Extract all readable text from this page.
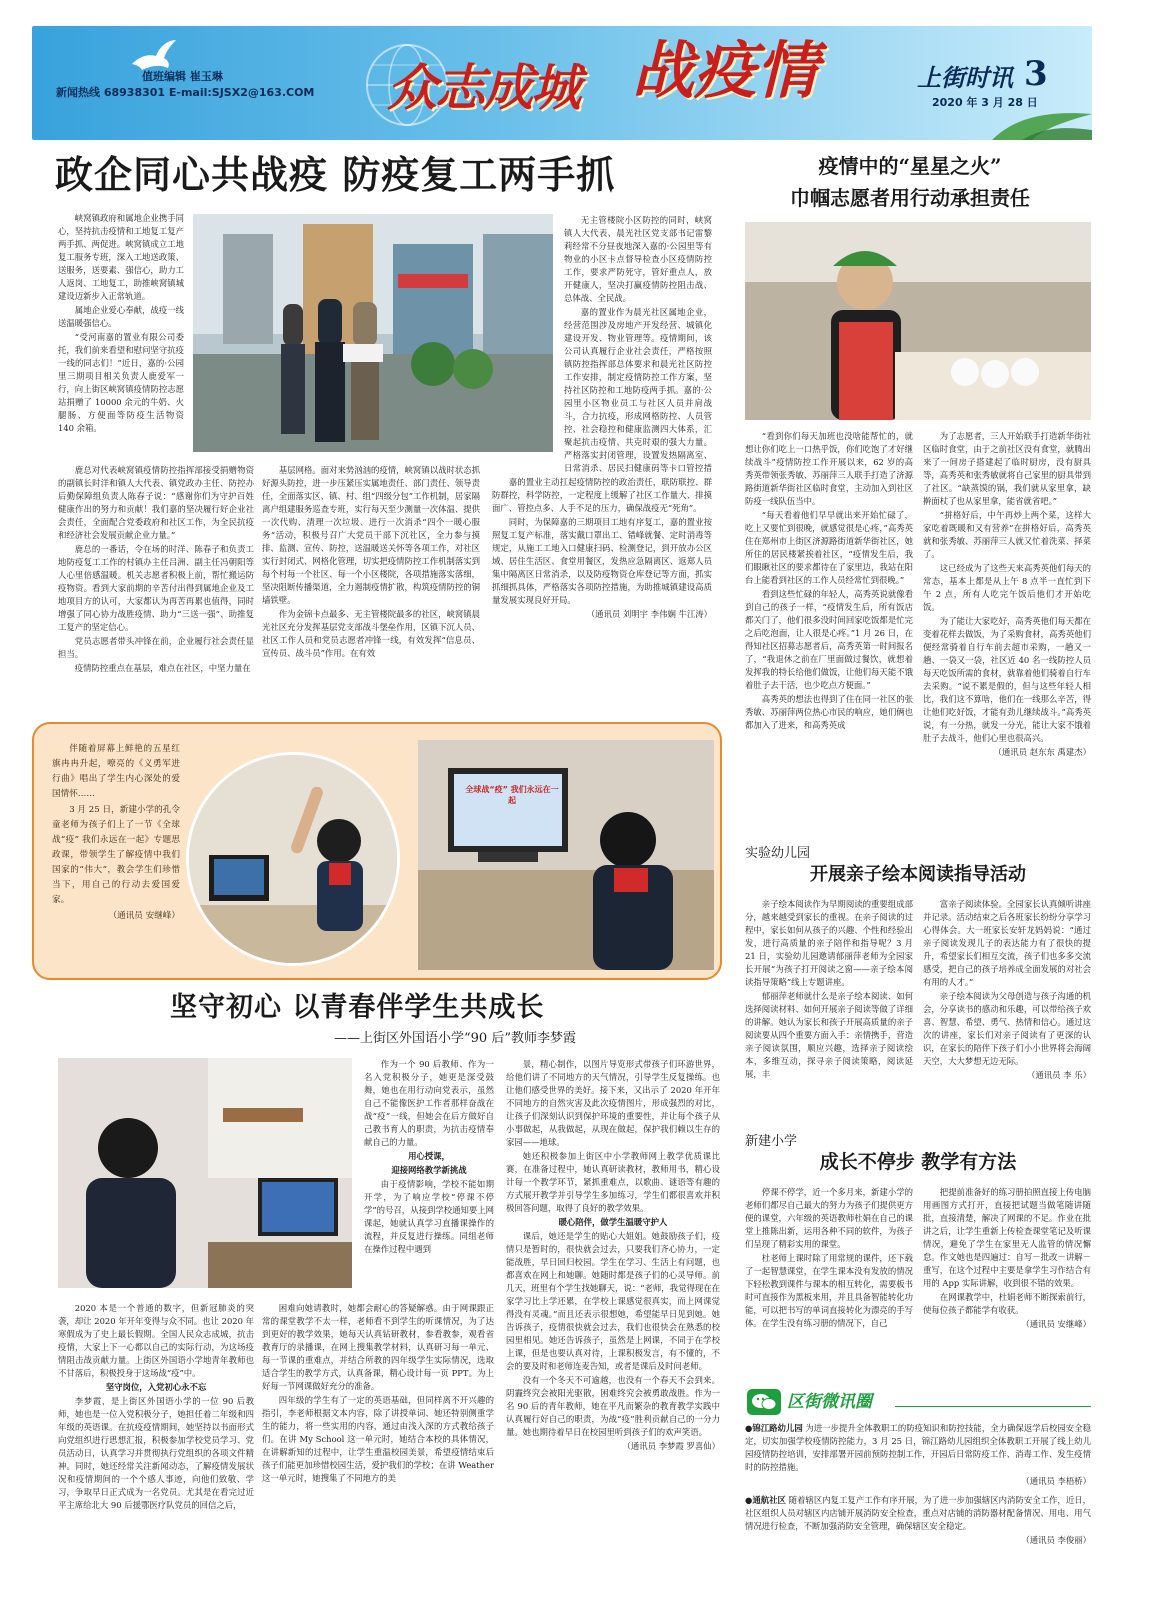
值班编辑 崔玉琳
新闻热线 68938301 E-mail:SJSX2@163.COM 众志成城 战疫情	上街时讯 3
2020 年 3 月 28 日
政企同心共战疫 防疫复工两手抓

峡窝镇政府和属地企业携手同心，坚持抗击疫情和工地复工复产两手抓、两促进。峡窝镇成立工地复工服务专班，深入工地送政策、送服务，送要素、强信心，助力工人返岗、工地复工，助推峡窝镇城建设迈新步入正常轨道。

属地企业爱心奉献，战疫一线送温暖强信心。

“受河南嘉的置业有限公司委托，我们前来看望和慰问坚守抗疫一线的同志们！”近日，嘉的·公园里三期项目相关负责人鹿爱军一行，向上街区峡窝镇疫情防控志愿站捐赠了 10000 余元的牛奶、火腿肠、方便面等防疫生活物资 140 余箱。

无主管楼院小区防控的同时，峡窝镇人大代表、晨光社区党支部书记雷黎莉经常不分昼夜地深入嘉的·公园里等有物业的小区卡点督导检查小区疫情防控工作，要求严防死守，管好重点人，放开健康人，坚决打赢疫情防控阻击战、总体战、全民战。

嘉的置业作为晨光社区属地企业，经营范围涉及房地产开发经营、城镇化建设开发、物业管理等。疫情期间，该公司认真履行企业社会责任，严格按照镇防控指挥部总体要求和晨光社区防控工作安排，制定疫情防控工作方案，坚持社区防控和工地防疫两手抓。嘉的·公园里小区物业员工与社区人员并肩战斗，合力抗疫，形成网格防控、人员管控、社会稳控和健康监测四大体系，汇聚起抗击疫情、共克时艰的强大力量。严格落实封闭管理，设置发热隔离室、日常消杀、居民扫健康码等卡口管控措

鹿总对代表峡窝镇疫情防控指挥部接受捐赠物资的副镇长时洋和镇人大代表、镇党政办主任、防控办后勤保障组负责人陈春子说：“感谢你们为守护百姓健康作出的努力和贡献！我们嘉的坚决履行好企业社会责任，全面配合党委政府和社区工作，为全民抗疫和经济社会发展贡献企业力量。”

鹿总的一番话，令在场的时洋、陈春子和负责工地防疫复工工作的村镇办主任吕洲、副主任冯朝阳等人心里倍感温暖。机关志愿者积极上前，帮忙搬运防疫物资。看到大家前期的辛苦付出得到属地企业及工地项目方的认可，大家都认为再苦再累也值得，同时增强了同心协力战胜疫情、助力“三送一强”、助推复工复产的坚定信心。

党员志愿者带头冲锋在前，企业履行社会责任显担当。

疫情防控重点在基层，难点在社区，中坚力量在

基层网格。面对来势汹汹的疫情，峡窝镇以战时状态抓好源头防控，进一步压紧压实属地责任、部门责任、领导责任，全面落实区、镇、村、组“四级分包”工作机制，居家隔离户组建服务巡查专班，实行每天至少测量一次体温、提供一次代购、清理一次垃圾、进行一次消杀“四个一暖心服务”活动，积极号召广大党员干部下沉社区，全力参与摸排、监测、宣传、防控，送温暖送关怀等各项工作，对社区实行封闭式、网格化管理，切实把疫情防控工作机制落实到每个村每一个社区、每一个小区楼院，各项措施落实落细，坚决阻断传播渠道，全力遏制疫情扩散，构筑疫情防控的铜墙铁壁。

作为金锦卡点最多、无主管楼院最多的社区，峡窝镇晨光社区充分发挥基层党支部战斗堡垒作用，区镇下沉人员、社区工作人员和党员志愿者冲锋一线，有效发挥“信息员、宣传员、战斗员”作用。在有效

嘉的置业主动扛起疫情防控的政治责任，联防联控、群防群控，科学防控，一定程度上缓解了社区工作量大、排摸面广、管控点多、人手不足的压力，确保战疫无“死角”。

同时，为保障嘉的三期项目工地有序复工，嘉的置业按照复工复产标准，落实戴口罩出工、错峰就餐、定时消毒等规定，从施工工地入口健康扫码、检测登记，到开放办公区域、居住生活区、食堂用餐区，发热应急隔离区、返郑人员集中隔离区日常消杀，以及防疫物资仓库登记等方面，抓实抓细抓具体，严格落实各项防控措施，为助推城镇建设高质量发展实现良好开局。

（通讯员 刘明宇 李伟娴 牛江涛）

伴随着屏幕上鲜艳的五星红旗冉冉升起，嘹亮的《义勇军进行曲》唱出了学生内心深处的爱国情怀……

3 月 25 日，新建小学的孔令童老师为孩子们上了一节《全球战“疫” 我们永远在一起》专题思政课，带领学生了解疫情中我们国家的“伟大”，教会学生们珍惜当下，用自己的行动去爱国爱家。

（通讯员 安继峰）

全球战“疫” 我们永远在一起
坚守初心 以青春伴学生共成长
——上街区外国语小学“90 后”教师李梦霞

作为一个 90 后教师、作为一名入党积极分子，她更是深受鼓舞，她也在用行动向党表示，虽然自己不能像医护工作者那样奋战在战“疫”一线，但她会在后方做好自己教书育人的职责，为抗击疫情奉献自己的力量。

用心授课，

迎接网络教学新挑战

由于疫情影响，学校不能如期开学，为了响应学校“停课不停学”的号召，从接到学校通知要上网课起，她就认真学习直播课操作的流程，并反复进行操练。同组老师在操作过程中遇到

2020 本是一个普通的数字，但新冠肺炎的突袭，却让 2020 年开年变得与众不同。也让 2020 年寒假成为了史上最长假期。全国人民众志成城，抗击疫情，大家上下一心都以自己的实际行动，为这场疫情阻击战贡献力量。上街区外国语小学地青年教师也不甘落后，积极投身于这场战“疫”中。

坚守岗位，入党初心永不忘

李梦霞，是上街区外国语小学的一位 90 后教师，她也是一位入党积极分子，她担任着二年级和四年级的英语课。在抗疫疫情期间，她坚持以书面形式向党组织进行思想汇报，积极参加学校党员学习、党员活动日，认真学习并贯彻执行党组织的各项文件精神。同时，她还经常关注新闻动态，了解疫情发展状况和疫情期间的一个个感人事迹，向他们致敬、学习，争取早日正式成为一名党员。尤其是在看完过近平主席给北大 90 后援鄂医疗队党员的回信之后，

困难向她请教时，她都会耐心的答疑解惑。由于网课跟正常的课堂教学不太一样，老师看不到学生的听课情况，为了达到更好的教学效果，她每天认真钻研教材，参看教参，观看省教育厅的录播课，在网上搜集教学材料，认真研习每一单元、每一节课的重难点，并结合所教的四年级学生实际情况，选取适合学生的教学方式，认真备课，精心设计每一页 PPT。为上好每一节网课做好充分的准备。

四年级的学生有了一定的英语基础，但同样离不开兴趣的指引，李老师根据文本内容，除了讲授单词、她还特别侧重学生的能力，将一些实用的内容，通过由浅入深的方式教给孩子们。在讲 My School 这一单元时，她结合本校的具体情况，在讲解新知的过程中，让学生重温校园美景，希望疫情结束后孩子们能更加珍惜校园生活，爱护我们的学校；在讲 Weather 这一单元时，她搜集了不同地方的美

景，精心制作，以图片导览形式带孩子们环游世界，给他们讲了不同地方的天气情况，引导学生反复操练。也让他们感受世界的美好。接下来，又出示了 2020 年开年不同地方的自然灾害及此次疫情图片，形成强烈的对比，让孩子们深刻认识到保护环境的重要性，并让每个孩子从小事做起，从我做起，从现在做起，保护我们赖以生存的家园——地球。

她还积极参加上街区中小学教师网上教学优质课比赛，在准备过程中，她认真研读教材，教师用书，精心设计每一个教学环节，紧抓重难点，以歌曲、谜语等有趣的方式展开教学并引导学生多加练习，学生们都很喜欢并积极回答问题，取得了良好的教学效果。

暖心陪伴，做学生温暖守护人

课后，她还是学生的贴心大姐姐。她鼓励孩子们，疫情只是暂时的，很快就会过去，只要我们齐心协力，一定能战胜，早日回归校园。学生在学习、生活上有问题，也都喜欢在网上和她聊。她随时都是孩子们的心灵导师。前几天，班里有个学生找她聊天，说：“老师，我觉得现在在家学习比上学还累，在学校上课感觉很真实，而上网课觉得没有灵魂。”而且还表示很想她，希望能早日见到她。她告诉孩子，疫情很快就会过去，我们也很快会在熟悉的校园里相见。她还告诉孩子，虽然是上网课，不同于在学校上课，但是也要认真对待，上课积极发言，有不懂的，不会的要及时和老师连麦告知，或者是课后及时问老师。

没有一个冬天不可逾越，也没有一个春天不会到来。阴霾终究会被阳光驱散，困难终究会被勇敢战胜。作为一名 90 后的青年教师，她在平凡而繁杂的教育教学实践中认真履行好自己的职责，为战“疫”胜利贡献自己的一分力量。她也期待着早日在校园里听到孩子们的欢声笑语。

（通讯员 李梦霞 罗喜仙）

疫情中的“星星之火”
巾帼志愿者用行动承担责任

“看到你们每天加班也没啥能帮忙的，就想让你们吃上一口热乎饭，你们吃饱了才好继续战斗”疫情防控工作开展以来，62 岁的高秀英带领张秀敏、苏丽萍三人联手打造了济源路街道新华街社区临时食堂，主动加入到社区防疫一线队伍当中。

“每天看着他们早早就出来开始忙碌了，吃上又要忙到很晚，就感觉很是心疼，”高秀英住在郑州市上街区济源路街道新华街社区，她所住的居民楼紧挨着社区，“疫情发生后，我们眼瞅社区的要求都待在了家里边，我站在阳台上能看到社区的工作人员经常忙到很晚。”

看到这些忙碌的年轻人，高秀英说就像看到自己的孩子一样，“疫情发生后，所有饭店都关门了，他们很多没时间回家吃饭都是忙完之后吃泡面，让人很是心疼。”1 月 26 日，在得知社区招募志愿者后，高秀英第一时间报名了，“我退休之前在厂里面做过餐饮，就想着发挥我的特长给他们做饭，让他们每天能不饿着肚子去干活，也少吃点方便面。”

高秀英的想法也得到了住在同一社区的张秀敏、苏丽萍两位热心市民的响应，她们俩也都加入了进来，和高秀英成

为了志愿者，三人开始联手打造新华街社区临时食堂，由于之前社区没有食堂，就腾出来了一间房子搭建起了临时厨房，没有厨具等，高秀英和张秀敏就将自己家里的厨具带到了社区。“缺蒸馍的锅，我们就从家里拿，缺擀面杖了也从家里拿，能省就省吧。”

“拼格好后，中午再炒上两个菜，这样大家吃着既暖和又有营养”在拼格好后，高秀英就和张秀敏、苏丽萍三人就又忙着洗菜、择菜了。

这已经成为了这些天来高秀英他们每天的常态，基本上都是从上午 8 点半一直忙到下午 2 点，所有人吃完午饭后他们才开始吃饭。

为了能让大家吃好，高秀英他们每天都在变着花样去做饭，为了采购食材，高秀英他们便经常骑着自行车前去超市采购，一趟又一趟、一袋又一袋，社区近 40 名一线防控人员每天吃饭所需的食材，就靠着他们骑着自行车去采购。“说不累是假的，但与这些年轻人相比，我们这不算啥，他们在一线那么辛苦，得让他们吃好饭，才能有劲儿继续战斗。”高秀英说，有一分热，就发一分光，能让大家不饿着肚子去战斗，他们心里也很高兴。

（通讯员 赵东东 禹建杰）

实验幼儿园
开展亲子绘本阅读指导活动

亲子绘本阅读作为早期阅读的重要组成部分，越来越受到家长的重视。在亲子阅读的过程中，家长如何从孩子的兴趣、个性和经验出发，进行高质量的亲子陪伴和指导呢？3 月 21 日，实验幼儿园邀请郁丽萍老师为全园家长开展“为孩子打开阅读之窗——亲子绘本阅读指导策略”线上专题讲座。

郁丽萍老师就什么是亲子绘本阅读、如何选择阅读材料、如何开展亲子阅读等做了详细的讲解。她认为家长和孩子开展高质量的亲子阅读要从四个重要方面入手：亲情携手，营造亲子阅读氛围，顺应兴趣，选择亲子阅读绘本，多维互动，探寻亲子阅读策略，阅读延展，丰

富亲子阅读体验。全园家长认真倾听讲座并记录。活动结束之后各班家长纷纷分享学习心得体会。大一班家长安轩龙妈妈说：“通过亲子阅读发现儿子的表达能力有了很快的提升，希望家长们相互交流，孩子们也多多交流感受，把自己的孩子培养成全面发展的对社会有用的人才。”

亲子绘本阅读为父母创造与孩子沟通的机会，分享读书的感动和乐趣，可以带给孩子欢喜、智慧、希望、勇气、热情和信心。通过这次的讲座，家长们对亲子阅读有了更深的认识，在家长的陪伴下孩子们小小世界将会海阔天空，大大梦想无边无际。

（通讯员 李 乐）

新建小学
成长不停步 教学有方法

停课不停学，近一个多月来，新建小学的老师们都尽自己最大的努力为孩子们提供更方便的课堂，六年级的英语教师杜娟在自己的课堂上推陈出新，运用各种不同的软件，为孩子们呈现了精彩实用的课堂。

杜老师上课时除了用常规的课件，还下载了一起智慧课堂，在学生课本没有发放的情况下轻松教到课件与课本的相互转化，需要板书时可直接作为黑板来用，并且具备智能转化功能，可以把书写的单词直接转化为漂亮的手写体。在学生没有练习册的情况下，自己

把提前准备好的练习册拍照直接上传电脑用画图方式打开，直接把试题当做笔随讲随批，直接清楚，解决了网课的不足。作业在批讲之后，让学生重新上传检查课堂笔记及听课情况，避免了学生在家里无人监管的情况懈怠。作文她也是四遍过：自写－批改－讲解－重写，在这个过程中主要是拿学生习作结合有用的 App 实际讲解，收到很不错的效果。

在网课教学中，杜娟老师不断探索前行，使每位孩子都能学有收获。

（通讯员 安继峰）

区街微讯圈

●锦江路幼儿园 为进一步提升全体教职工的防疫知识和防控技能，全力确保返学后校园安全稳定，切实加强学校疫情防控能力，3 月 25 日，锦江路幼儿园组织全体教职工开展了线上幼儿园疫情防控培训，安排部署开园前预防控制工作，开园后日常防疫工作、消毒工作、发生疫情时的防控措施。

（通讯员 李梧桥）

●通航社区 随着辖区内复工复产工作有序开展，为了进一步加强辖区内消防安全工作，近日，社区组织人员对辖区内店铺开展消防安全检查，重点对店铺的消防器材配备情况、用电、用气情况进行检查，不断加强消防安全管理，确保辖区安全稳定。

（通讯员 李俊丽）
